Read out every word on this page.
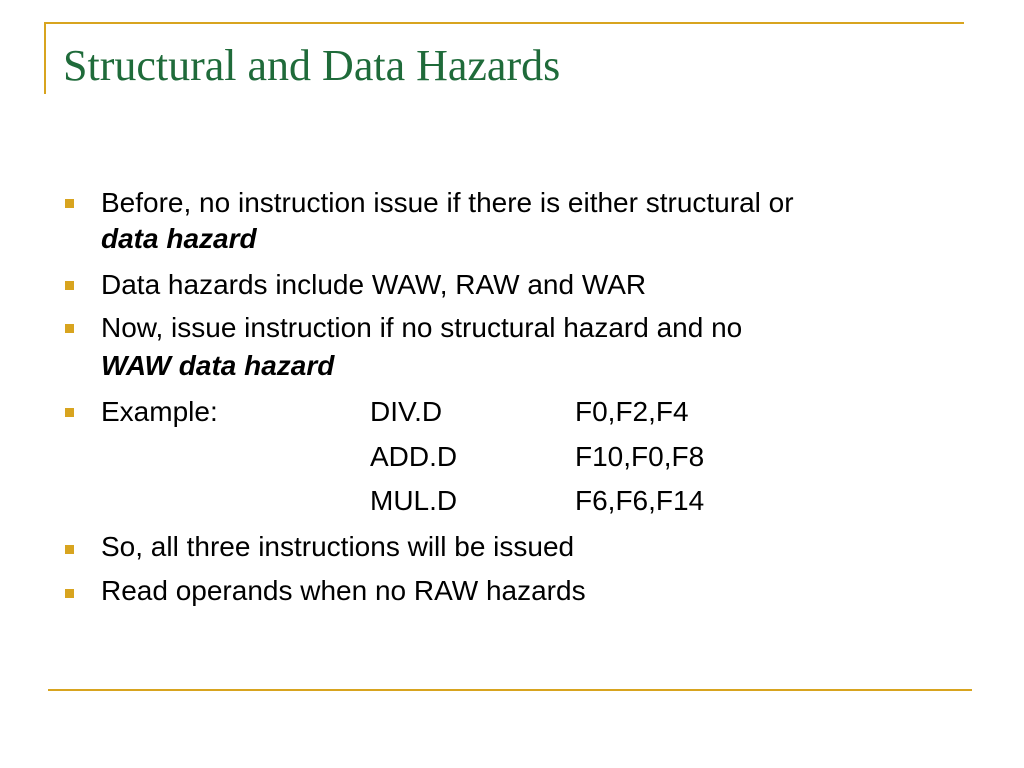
Structural and Data Hazards
Before, no instruction issue if there is either structural or
data hazard
Data hazards include WAW, RAW and WAR
Now, issue instruction if no structural hazard and no
WAW data hazard
Example:	DIV.D	F0,F2,F4
ADD.D	F10,F0,F8
MUL.D	F6,F6,F14
So, all three instructions will be issued
Read operands when no RAW hazards
